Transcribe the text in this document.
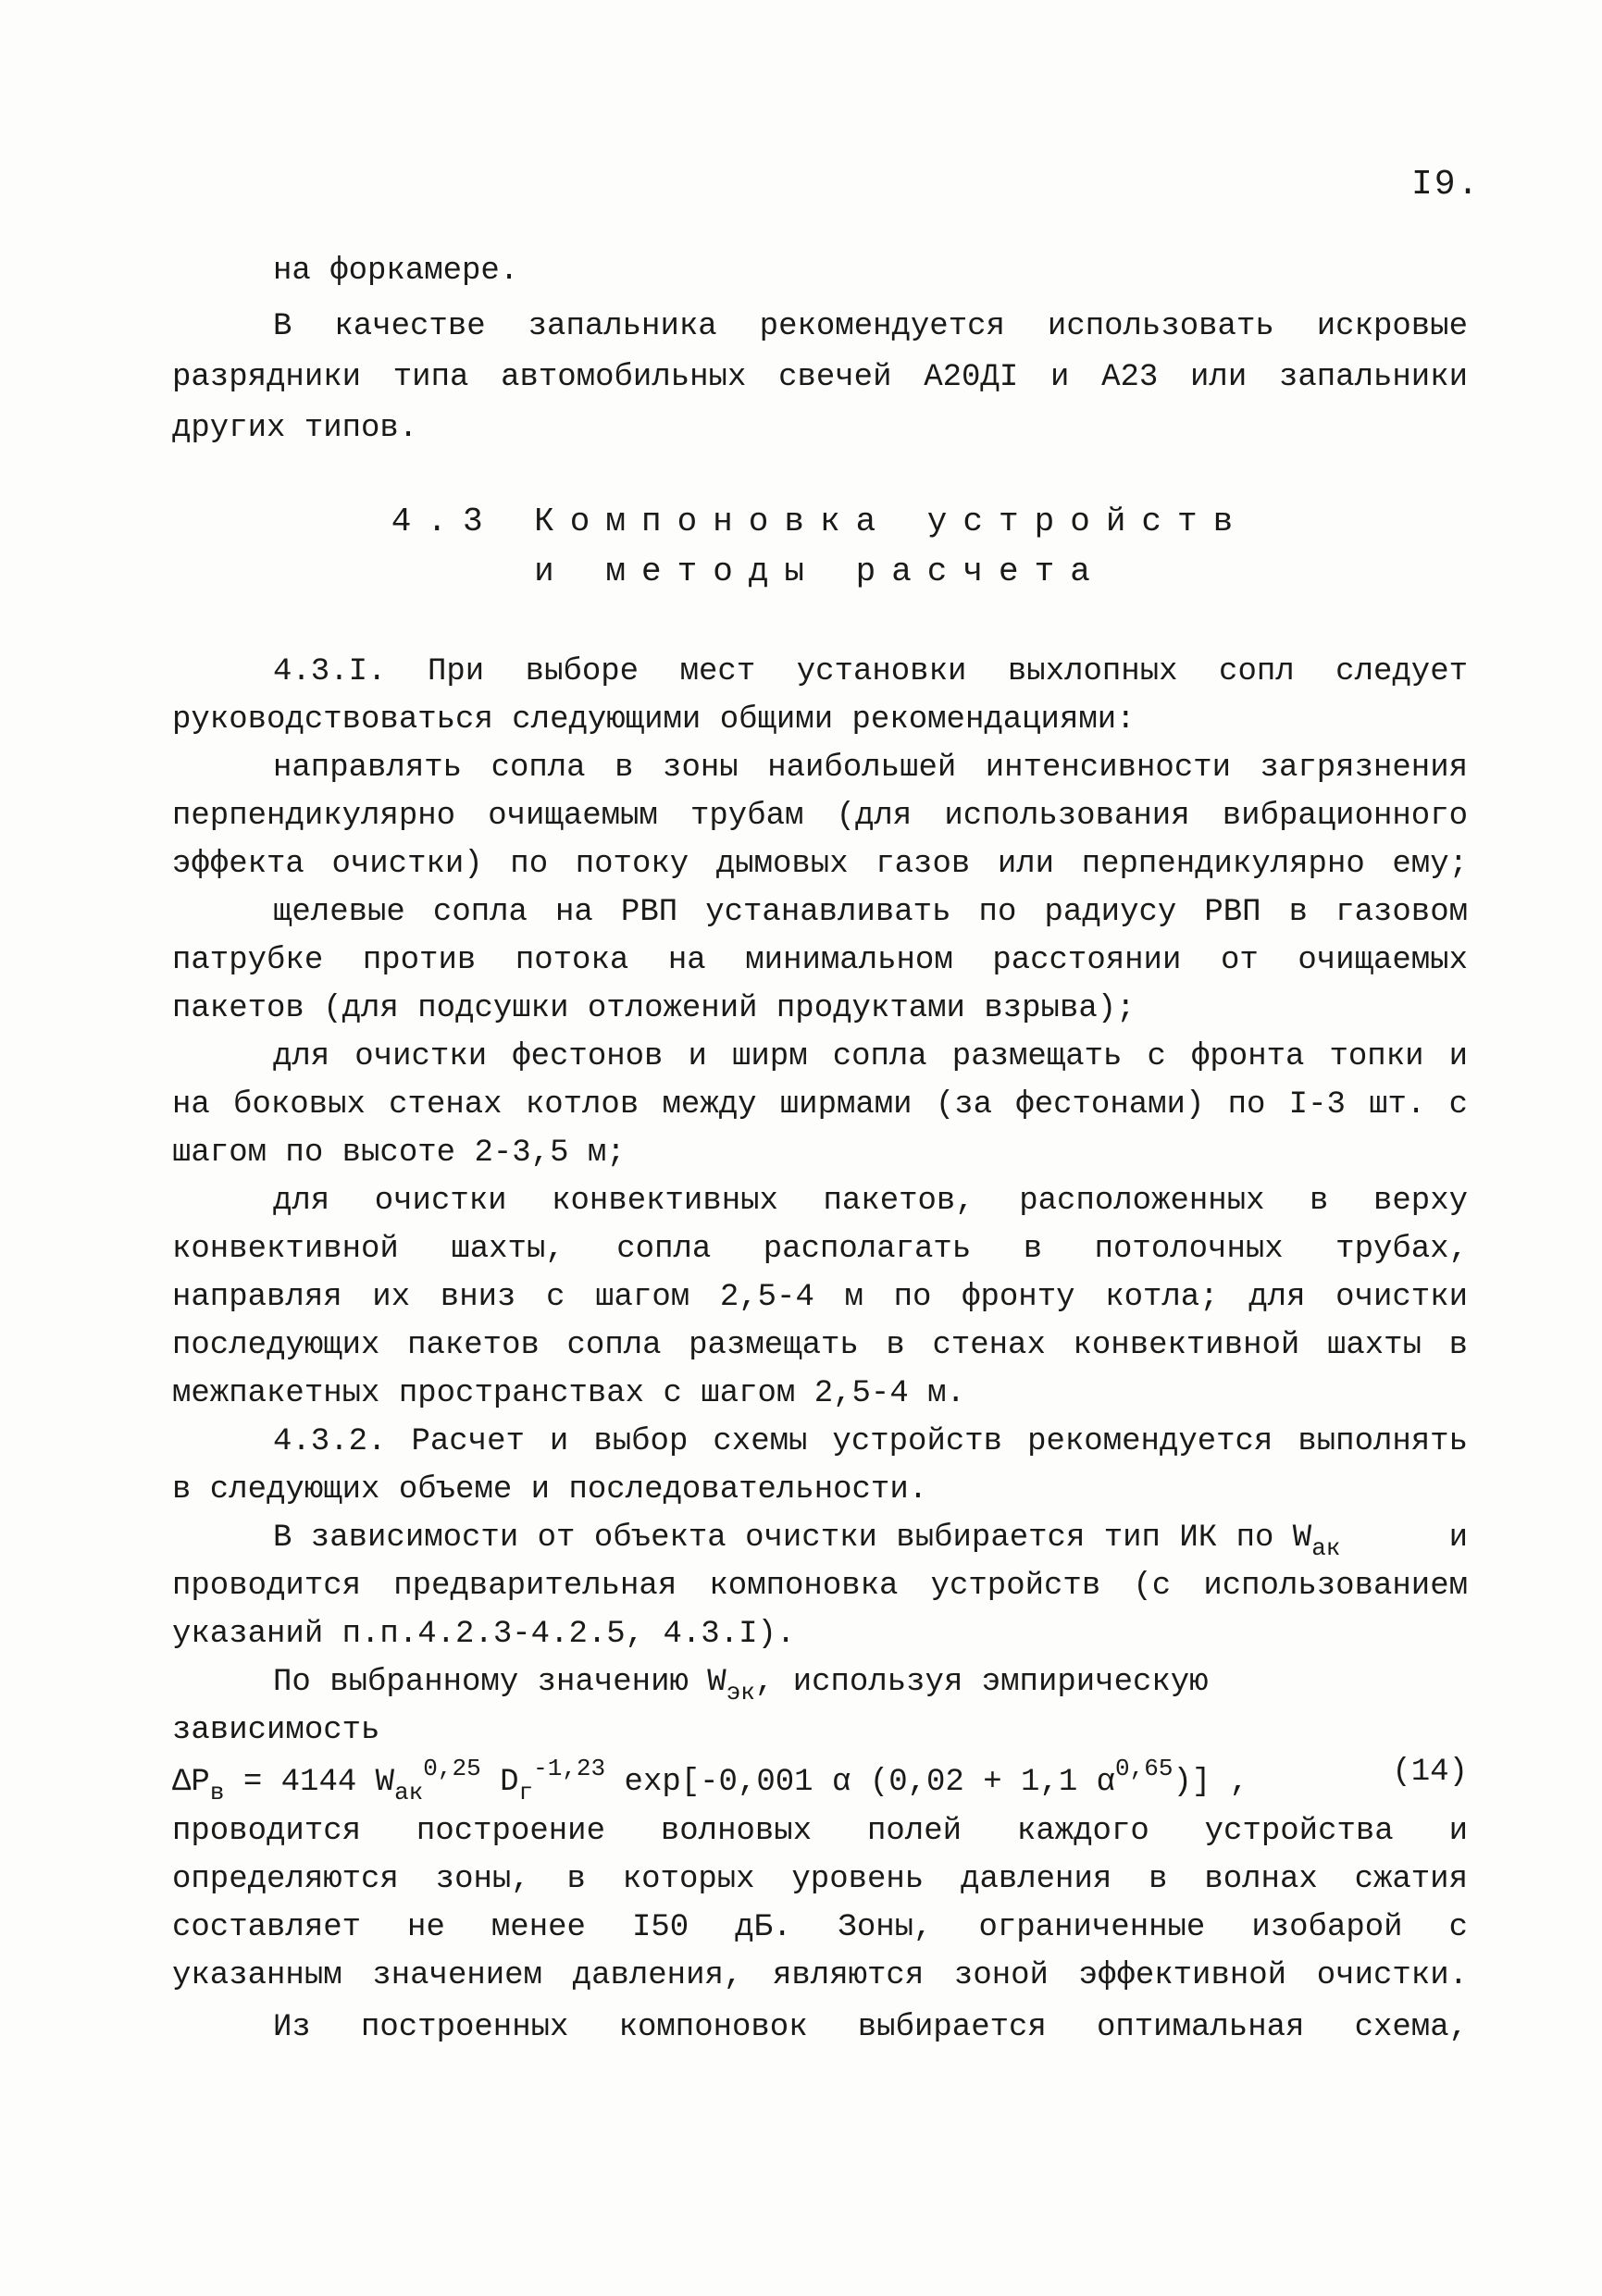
I9.
на форкамере.
В качестве запальника рекомендуется использовать искровые
разрядники типа автомобильных свечей А20ДI и А23 или запальники
других типов.
4.3 Компоновка устройств
и методы расчета
4.3.I. При выборе мест установки выхлопных сопл следует
руководствоваться следующими общими рекомендациями:
направлять сопла в зоны наибольшей интенсивности загрязнения
перпендикулярно очищаемым трубам (для использования вибрационного
эффекта очистки) по потоку дымовых газов или перпендикулярно ему;
щелевые сопла на РВП устанавливать по радиусу РВП в газовом
патрубке против потока на минимальном расстоянии от очищаемых
пакетов (для подсушки отложений продуктами взрыва);
для очистки фестонов и ширм сопла размещать с фронта топки и
на боковых стенах котлов между ширмами (за фестонами) по I-3 шт. с
шагом по высоте 2-3,5 м;
для очистки конвективных пакетов, расположенных в верху
конвективной шахты, сопла располагать в потолочных трубах,
направляя их вниз с шагом 2,5-4 м по фронту котла; для очистки
последующих пакетов сопла размещать в стенах конвективной шахты в
межпакетных пространствах с шагом 2,5-4 м.
4.3.2. Расчет и выбор схемы устройств рекомендуется выполнять
в следующих объеме и последовательности.
В зависимости от объекта очистки выбирается тип ИК по $W_{ак}$	и
проводится предварительная компоновка устройств (с использованием
указаний п.п.4.2.3-4.2.5, 4.3.I).
По выбранному значению $W_{эк}$, используя эмпирическую
зависимость
$\Delta P_в = 4144$ $W_{ак}^{0,25}$ $D_г^{-1,23}$ exp[-0,001 α (0,02 + 1,1 $\alpha^{0,65}$)] ,	(14)
проводится построение волновых полей каждого устройства и
определяются зоны, в которых уровень давления в волнах сжатия
составляет не менее I50 дБ. Зоны, ограниченные изобарой с
указанным значением давления, являются зоной эффективной очистки.
Из построенных компоновок выбирается оптимальная схема,
